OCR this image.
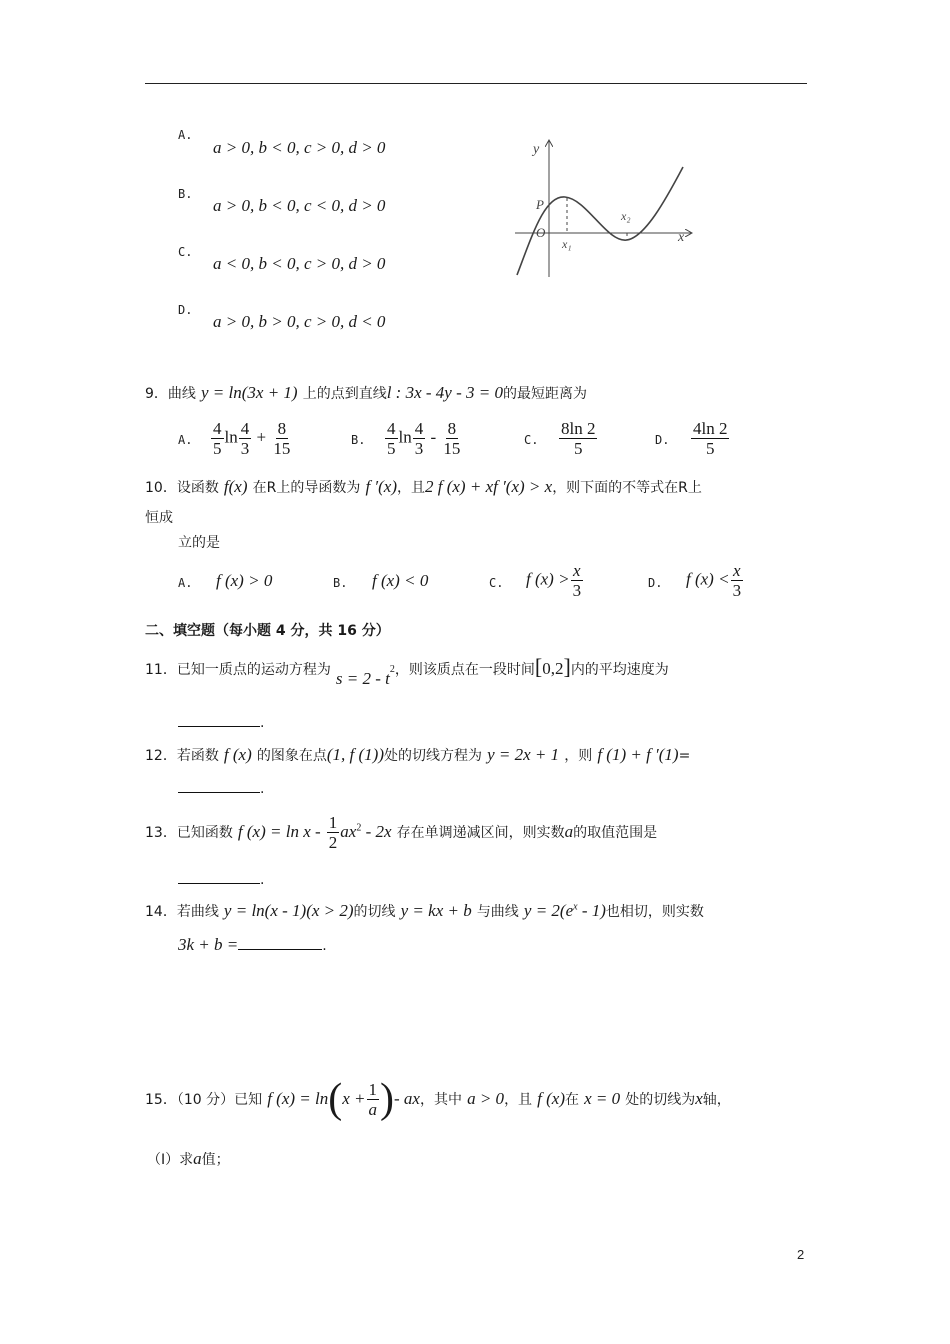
A.
a > 0, b < 0, c > 0, d > 0
B.
a > 0, b < 0, c < 0, d > 0
C.
a < 0, b < 0, c > 0, d > 0
D.
a > 0, b > 0, c > 0, d < 0
y
x
P
O
x₁
x₂
9．曲线 y = ln(3x + 1) 上的点到直线l : 3x - 4y - 3 = 0的最短距离为
A. $\frac{4}{5}$ $\ln \frac{4}{3} + \frac{8}{15}$	B. $\frac{4}{5}$ $\ln \frac{4}{3} - \frac{8}{15}$	C. $\frac{8\ln 2}{5}$	D. $\frac{4\ln 2}{5}$
10．设函数 f(x) 在R上的导函数为 f ′(x)，且2 f (x) + xf ′(x) > x，则下面的不等式在R上
恒成
立的是
A. f (x) > 0	B. f (x) < 0	C. f $(x) > \frac{x}{3}$	D. f $(x) < \frac{x}{3}$
二、填空题（每小题 4 分，共 16 分）
11．已知一质点的运动方程为 $s = 2 - t^2$，则该质点在一段时间[0,2]内的平均速度为
.
12．若函数 f (x) 的图象在点(1, f (1))处的切线方程为 y = 2x + 1 ，则 f (1) + f ′(1)=
.
13．已知函数 f $(x) = \ln x - \frac{1}{2} ax^2 - 2x$ 存在单调递减区间，则实数a的取值范围是
.
14．若曲线 y = ln(x - 1)(x > 2)的切线 y = kx + b 与曲线 $y = 2(e^x - 1)$也相切，则实数
3k + b =	.
15．（10 分）已知 f $(x) = \ln(x + \frac{1}{a}$ )- ax，其中 a > 0，且 f (x)在 x = 0 处的切线为x轴，
（I）求a值；
2
